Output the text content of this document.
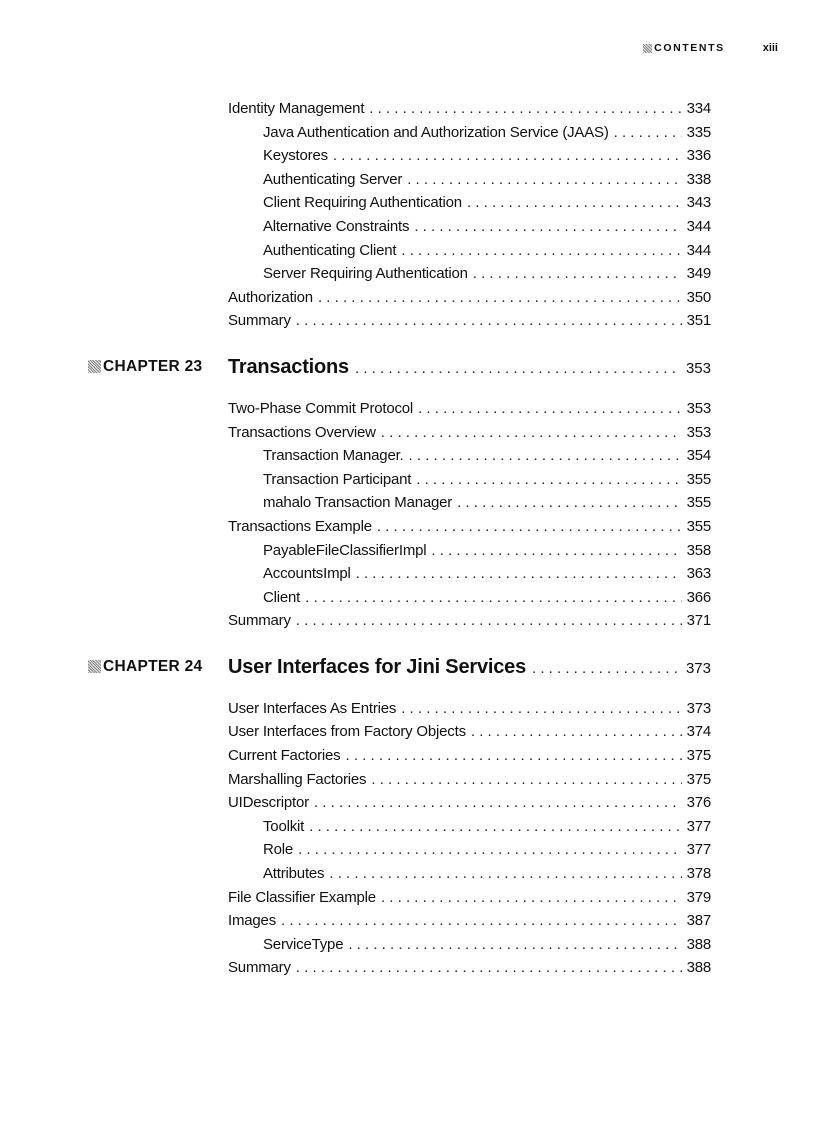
CONTENTS	xiii
Identity Management . . .	334
Java Authentication and Authorization Service (JAAS) . . .	335
Keystores . . .	336
Authenticating Server . . .	338
Client Requiring Authentication . . .	343
Alternative Constraints . . .	344
Authenticating Client . . .	344
Server Requiring Authentication . . .	349
Authorization . . .	350
Summary . . .	351
CHAPTER 23 Transactions . . .	353
Two-Phase Commit Protocol . . .	353
Transactions Overview . . .	353
Transaction Manager. . . .	354
Transaction Participant . . .	355
mahalo Transaction Manager . . .	355
Transactions Example . . .	355
PayableFileClassifierImpl . . .	358
AccountsImpl . . .	363
Client . . .	366
Summary . . .	371
CHAPTER 24 User Interfaces for Jini Services . . .	373
User Interfaces As Entries . . .	373
User Interfaces from Factory Objects . . .	374
Current Factories . . .	375
Marshalling Factories . . .	375
UIDescriptor . . .	376
Toolkit . . .	377
Role . . .	377
Attributes . . .	378
File Classifier Example . . .	379
Images . . .	387
ServiceType . . .	388
Summary . . .	388
